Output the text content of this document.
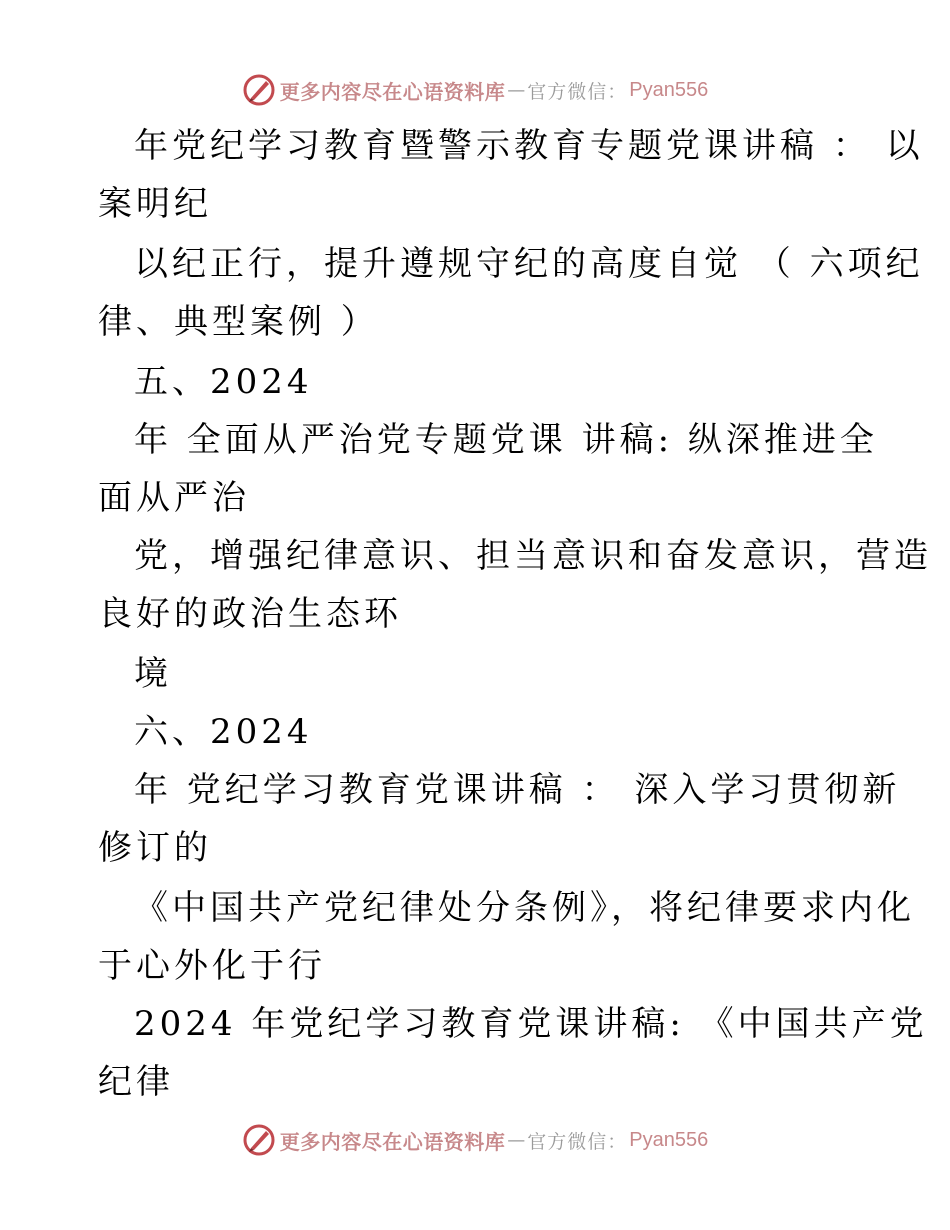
更多内容尽在心语资料库 — 官方微信： Pyan556
年党纪学习教育暨警示教育专题党课讲稿 ： 以
案明纪
以纪正行，提升遵规守纪的高度自觉 （ 六项纪
律、典型案例 ）
五、2024
年 全面从严治党专题党课 讲稿: 纵深推进全
面从严治
党，增强纪律意识、担当意识和奋发意识，营造
良好的政治生态环
境
六、2024
年 党纪学习教育党课讲稿 ： 深入学习贯彻新
修订的
《中国共产党纪律处分条例》，将纪律要求内化
于心外化于行
2024 年党纪学习教育党课讲稿: 《中国共产党
纪律
更多内容尽在心语资料库 — 官方微信： Pyan556
